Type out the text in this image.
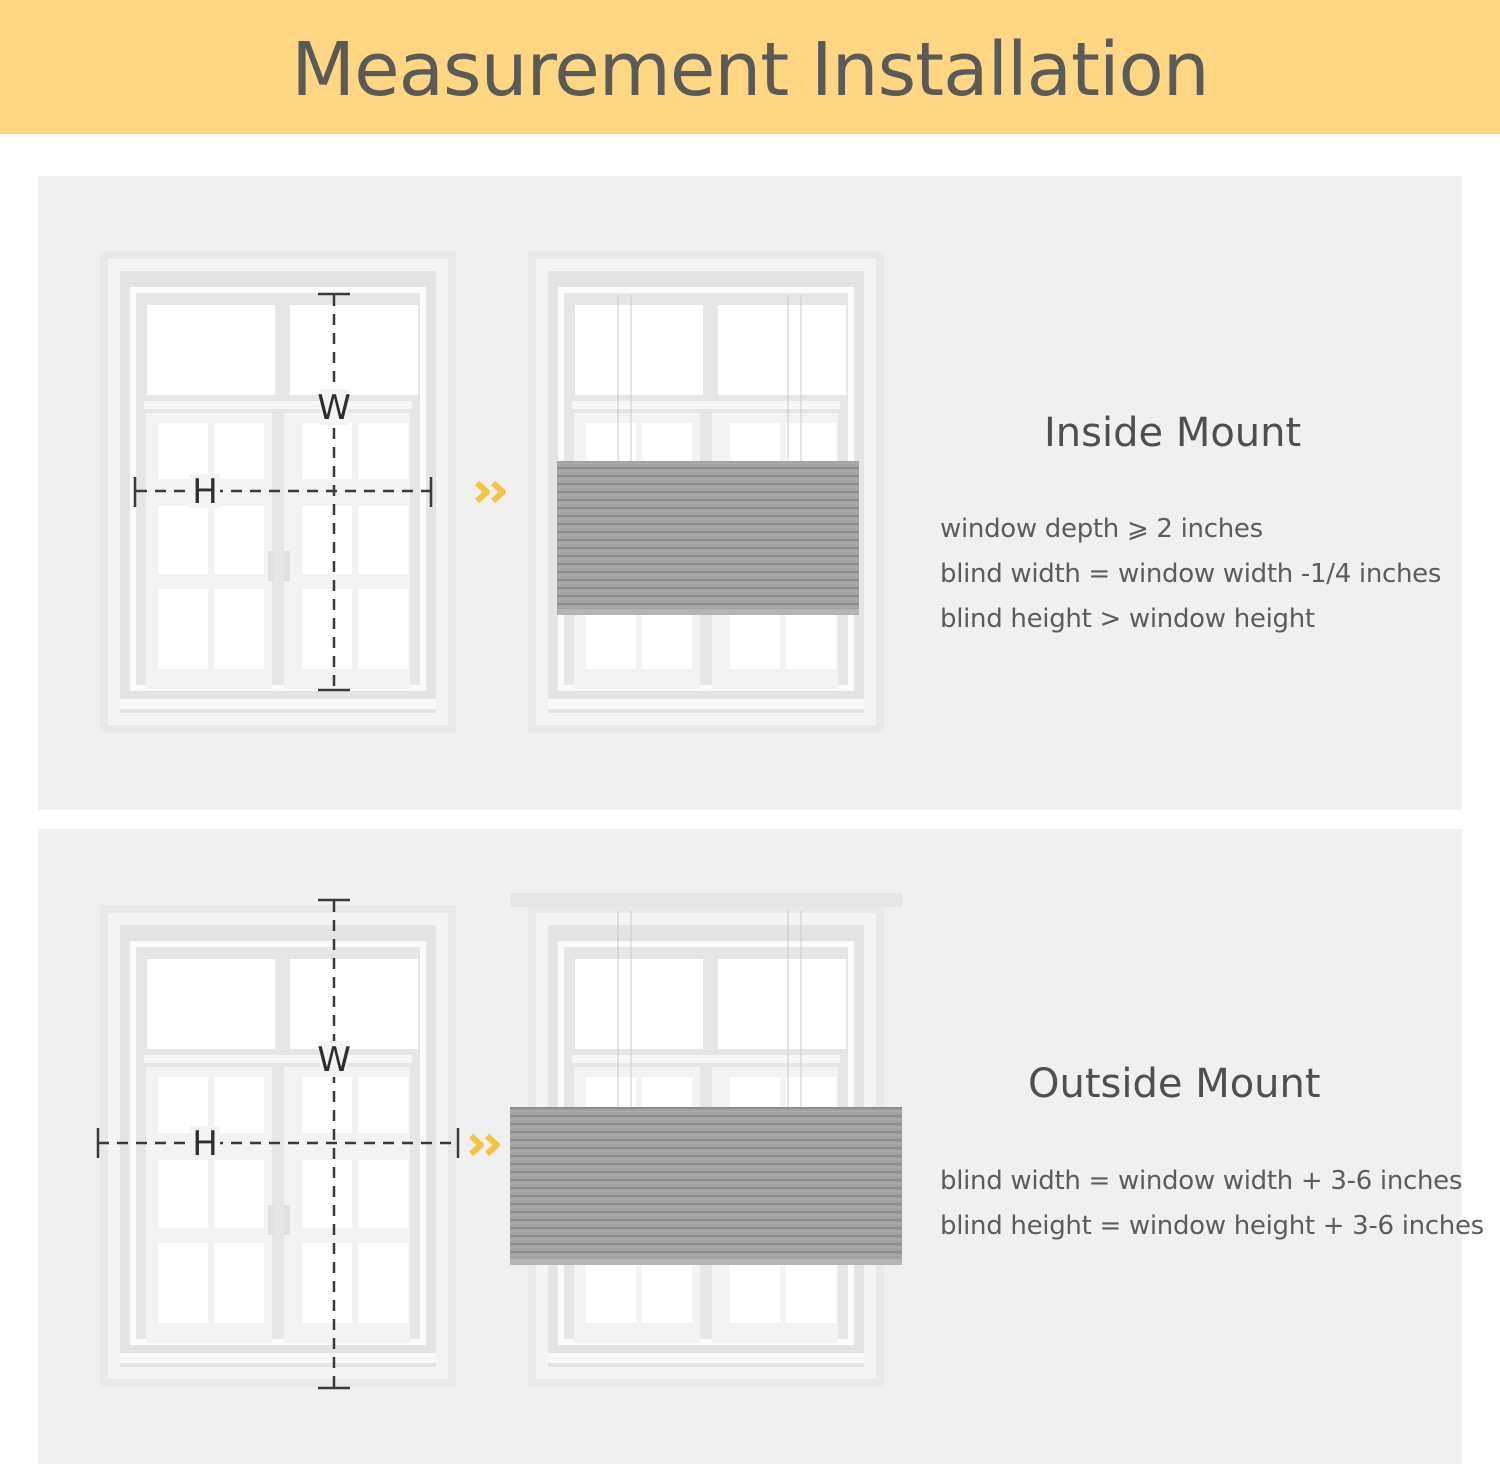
Measurement Installation
W
H
Inside Mount
window depth ⩾ 2 inches
blind width = window width -1/4 inches
blind height > window height
W
H
Outside Mount
blind width = window width + 3-6 inches
blind height = window height + 3-6 inches
